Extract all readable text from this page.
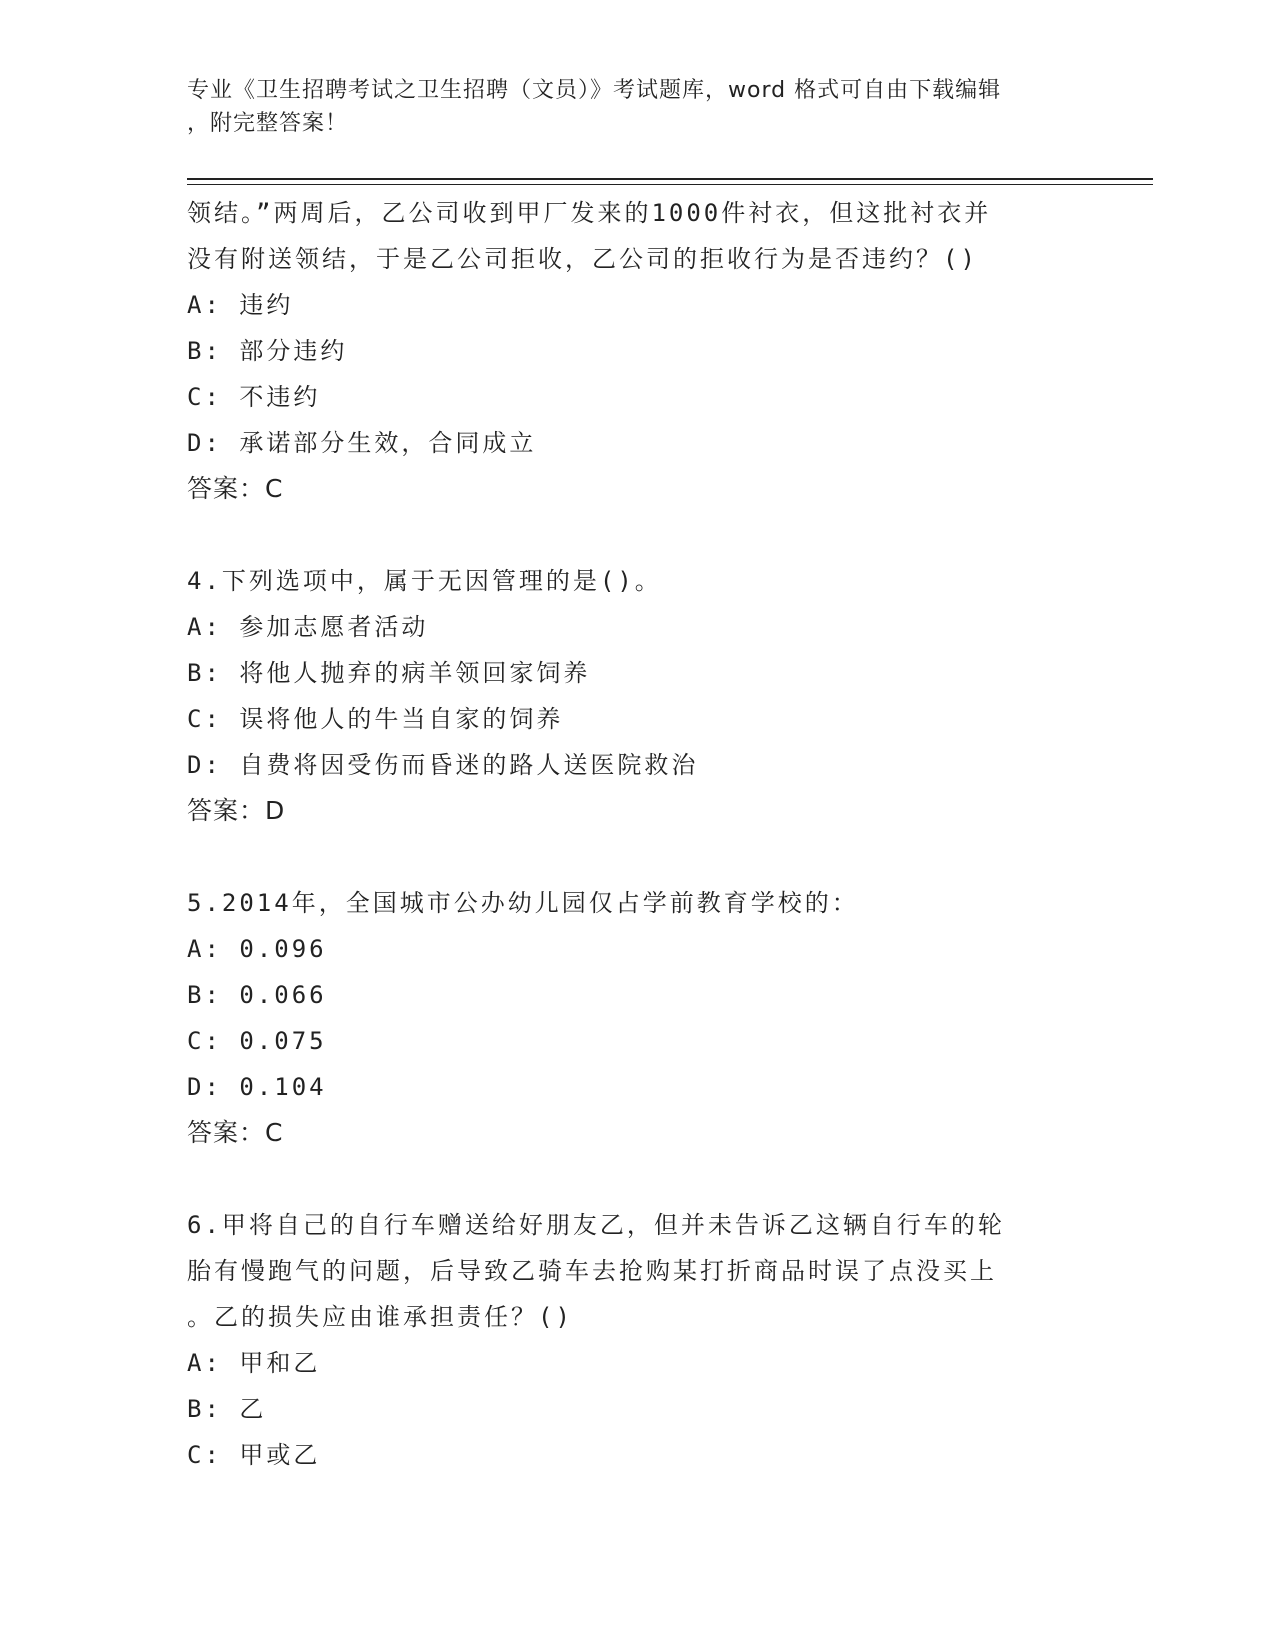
专业《卫生招聘考试之卫生招聘（文员）》考试题库，word 格式可自由下载编辑
，附完整答案！
领结。”两周后，乙公司收到甲厂发来的1000件衬衣，但这批衬衣并
没有附送领结，于是乙公司拒收，乙公司的拒收行为是否违约？()
A: 违约
B: 部分违约
C: 不违约
D: 承诺部分生效，合同成立
答案：C
4.下列选项中，属于无因管理的是()。
A: 参加志愿者活动
B: 将他人抛弃的病羊领回家饲养
C: 误将他人的牛当自家的饲养
D: 自费将因受伤而昏迷的路人送医院救治
答案：D
5.2014年，全国城市公办幼儿园仅占学前教育学校的：
A: 0.096
B: 0.066
C: 0.075
D: 0.104
答案：C
6.甲将自己的自行车赠送给好朋友乙，但并未告诉乙这辆自行车的轮
胎有慢跑气的问题，后导致乙骑车去抢购某打折商品时误了点没买上
。乙的损失应由谁承担责任？()
A: 甲和乙
B: 乙
C: 甲或乙
